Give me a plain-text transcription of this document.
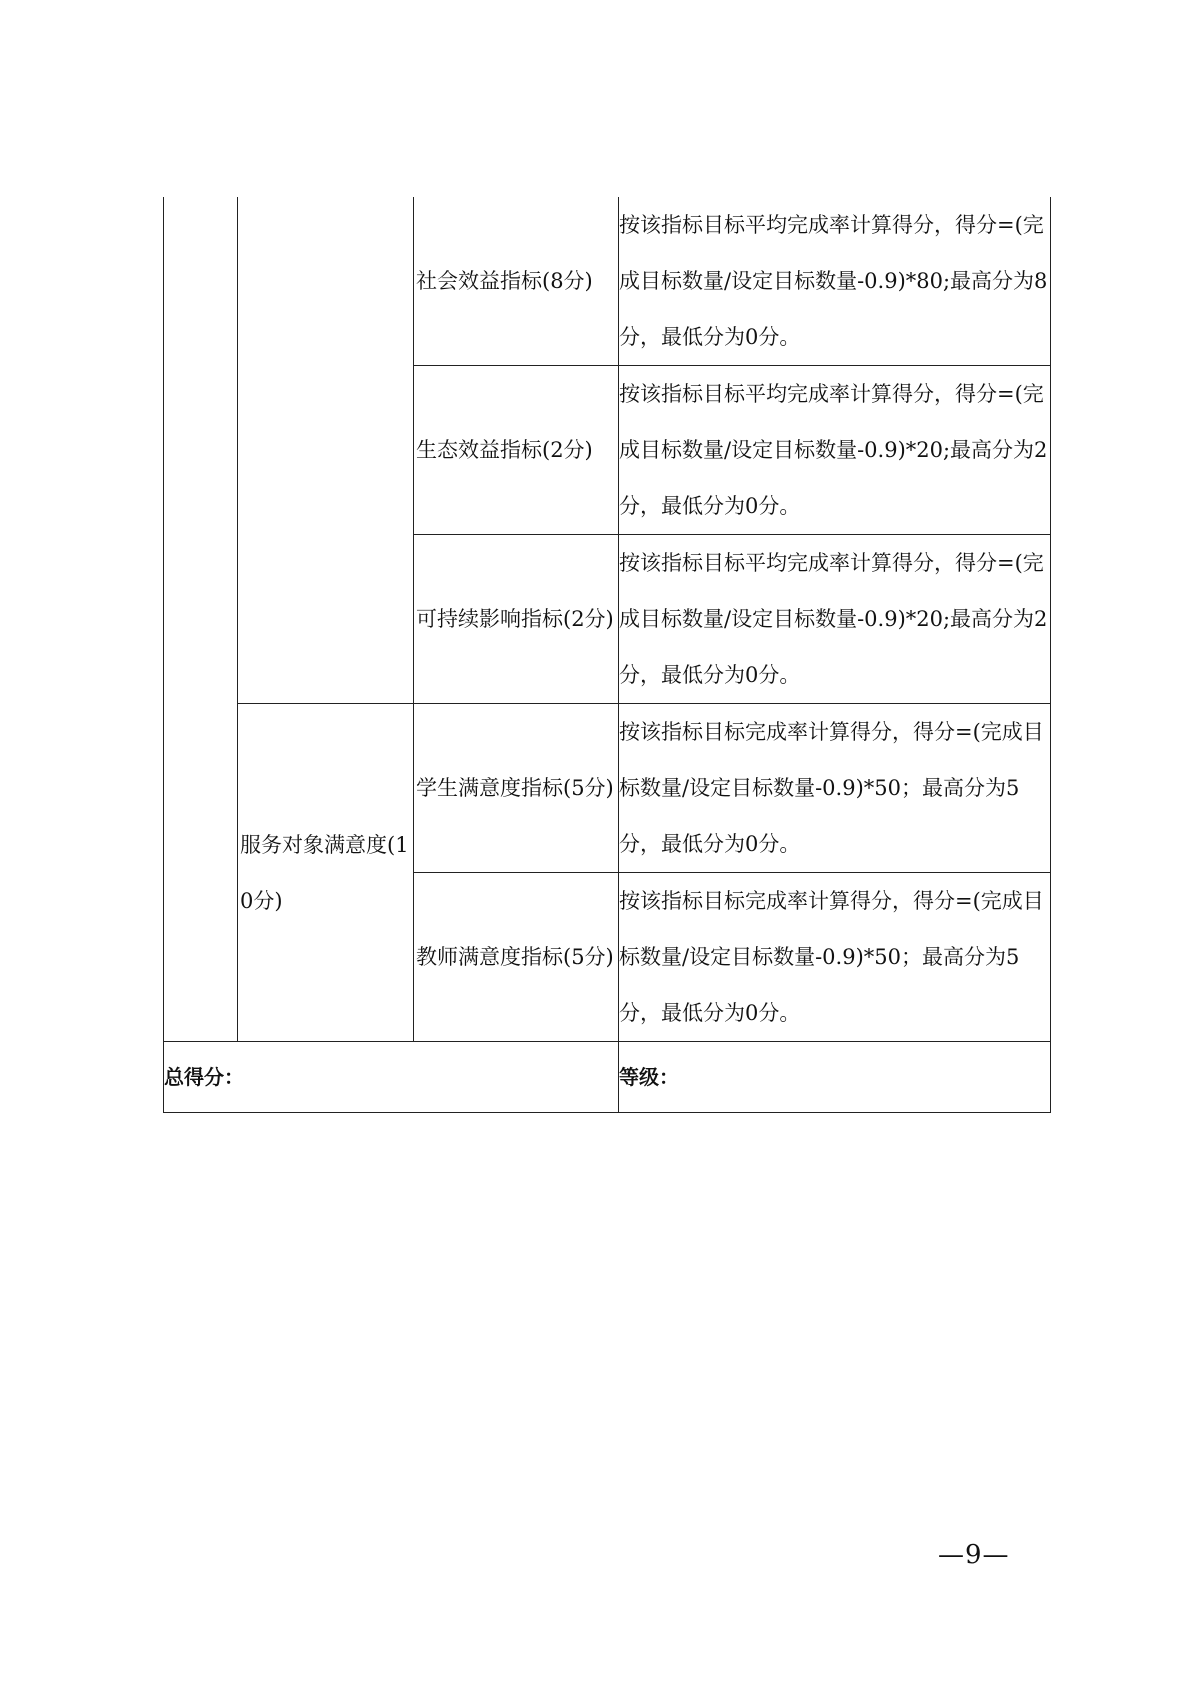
		社会效益指标(8分)	按该指标目标平均完成率计算得分，得分=(完成目标数量/设定目标数量-0.9)*80;最高分为8分，最低分为0分。
		生态效益指标(2分)	按该指标目标平均完成率计算得分，得分=(完成目标数量/设定目标数量-0.9)*20;最高分为2分，最低分为0分。
		可持续影响指标(2分)	按该指标目标平均完成率计算得分，得分=(完成目标数量/设定目标数量-0.9)*20;最高分为2分，最低分为0分。
	服务对象满意度(10分)	学生满意度指标(5分)	按该指标目标完成率计算得分，得分=(完成目标数量/设定目标数量-0.9)*50；最高分为5分，最低分为0分。
		教师满意度指标(5分)	按该指标目标完成率计算得分，得分=(完成目标数量/设定目标数量-0.9)*50；最高分为5分，最低分为0分。
总得分：			等级：
—9—
